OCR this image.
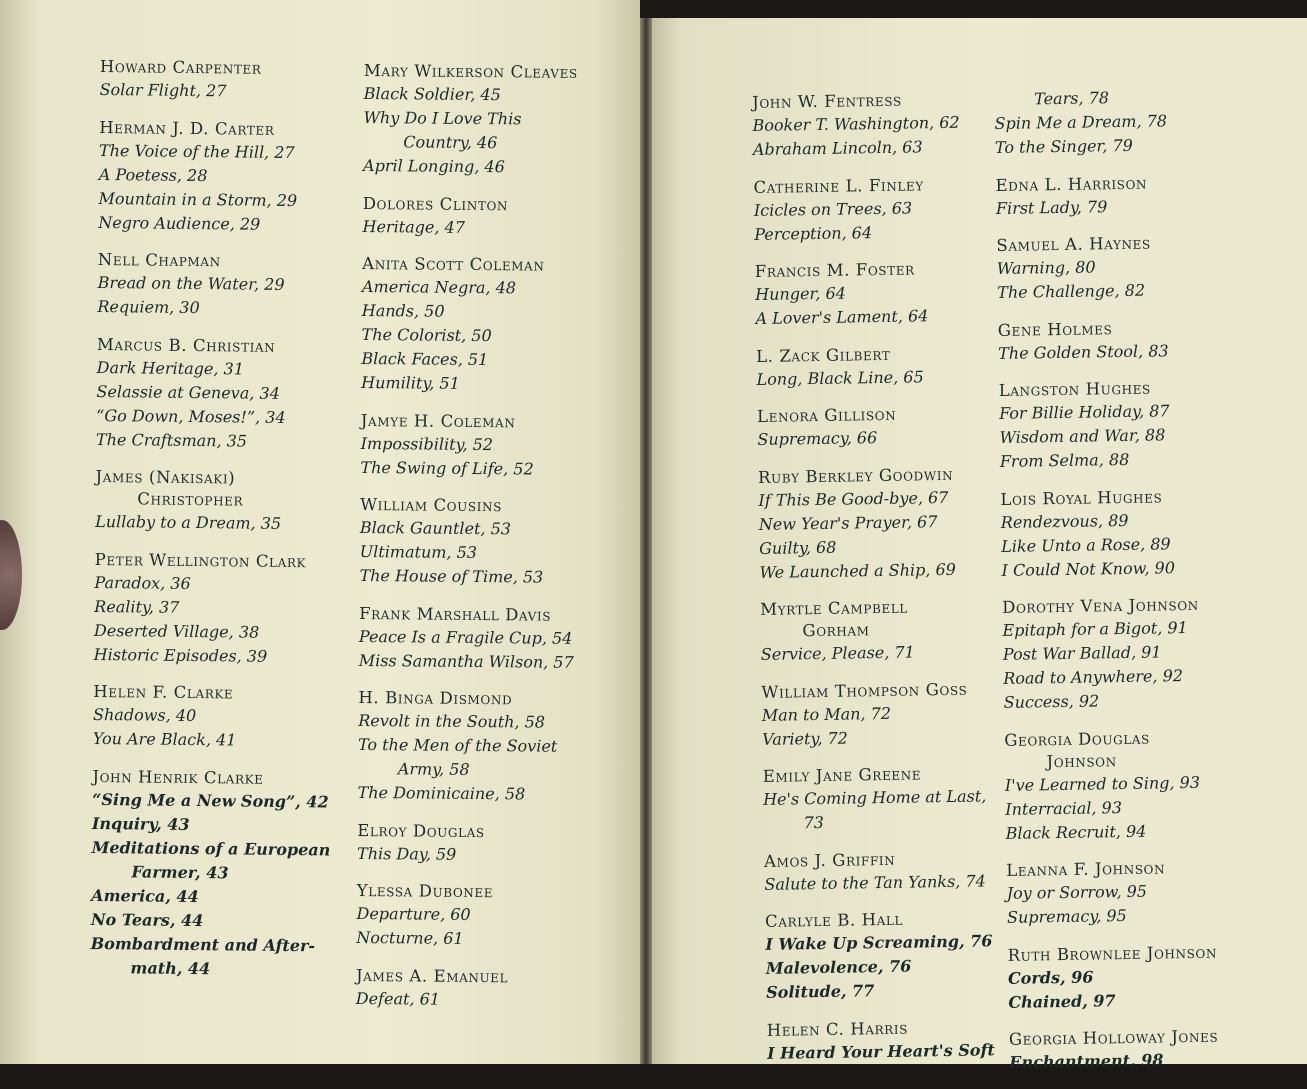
Howard Carpenter
Solar Flight, 27
Herman J. D. Carter
The Voice of the Hill, 27
A Poetess, 28
Mountain in a Storm, 29
Negro Audience, 29
Nell Chapman
Bread on the Water, 29
Requiem, 30
Marcus B. Christian
Dark Heritage, 31
Selassie at Geneva, 34
“Go Down, Moses!”, 34
The Craftsman, 35
James (Nakisaki)
Christopher
Lullaby to a Dream, 35
Peter Wellington Clark
Paradox, 36
Reality, 37
Deserted Village, 38
Historic Episodes, 39
Helen F. Clarke
Shadows, 40
You Are Black, 41
John Henrik Clarke
“Sing Me a New Song”, 42
Inquiry, 43
Meditations of a European
Farmer, 43
America, 44
No Tears, 44
Bombardment and After-
math, 44
Mary Wilkerson Cleaves
Black Soldier, 45
Why Do I Love This
Country, 46
April Longing, 46
Dolores Clinton
Heritage, 47
Anita Scott Coleman
America Negra, 48
Hands, 50
The Colorist, 50
Black Faces, 51
Humility, 51
Jamye H. Coleman
Impossibility, 52
The Swing of Life, 52
William Cousins
Black Gauntlet, 53
Ultimatum, 53
The House of Time, 53
Frank Marshall Davis
Peace Is a Fragile Cup, 54
Miss Samantha Wilson, 57
H. Binga Dismond
Revolt in the South, 58
To the Men of the Soviet
Army, 58
The Dominicaine, 58
Elroy Douglas
This Day, 59
Ylessa Dubonee
Departure, 60
Nocturne, 61
James A. Emanuel
Defeat, 61
John W. Fentress
Booker T. Washington, 62
Abraham Lincoln, 63
Catherine L. Finley
Icicles on Trees, 63
Perception, 64
Francis M. Foster
Hunger, 64
A Lover's Lament, 64
L. Zack Gilbert
Long, Black Line, 65
Lenora Gillison
Supremacy, 66
Ruby Berkley Goodwin
If This Be Good-bye, 67
New Year's Prayer, 67
Guilty, 68
We Launched a Ship, 69
Myrtle Campbell
Gorham
Service, Please, 71
William Thompson Goss
Man to Man, 72
Variety, 72
Emily Jane Greene
He's Coming Home at Last,
73
Amos J. Griffin
Salute to the Tan Yanks, 74
Carlyle B. Hall
I Wake Up Screaming, 76
Malevolence, 76
Solitude, 77
Helen C. Harris
I Heard Your Heart's Soft
Tears, 78
Spin Me a Dream, 78
To the Singer, 79
Edna L. Harrison
First Lady, 79
Samuel A. Haynes
Warning, 80
The Challenge, 82
Gene Holmes
The Golden Stool, 83
Langston Hughes
For Billie Holiday, 87
Wisdom and War, 88
From Selma, 88
Lois Royal Hughes
Rendezvous, 89
Like Unto a Rose, 89
I Could Not Know, 90
Dorothy Vena Johnson
Epitaph for a Bigot, 91
Post War Ballad, 91
Road to Anywhere, 92
Success, 92
Georgia Douglas
Johnson
I've Learned to Sing, 93
Interracial, 93
Black Recruit, 94
Leanna F. Johnson
Joy or Sorrow, 95
Supremacy, 95
Ruth Brownlee Johnson
Cords, 96
Chained, 97
Georgia Holloway Jones
Enchantment, 98
